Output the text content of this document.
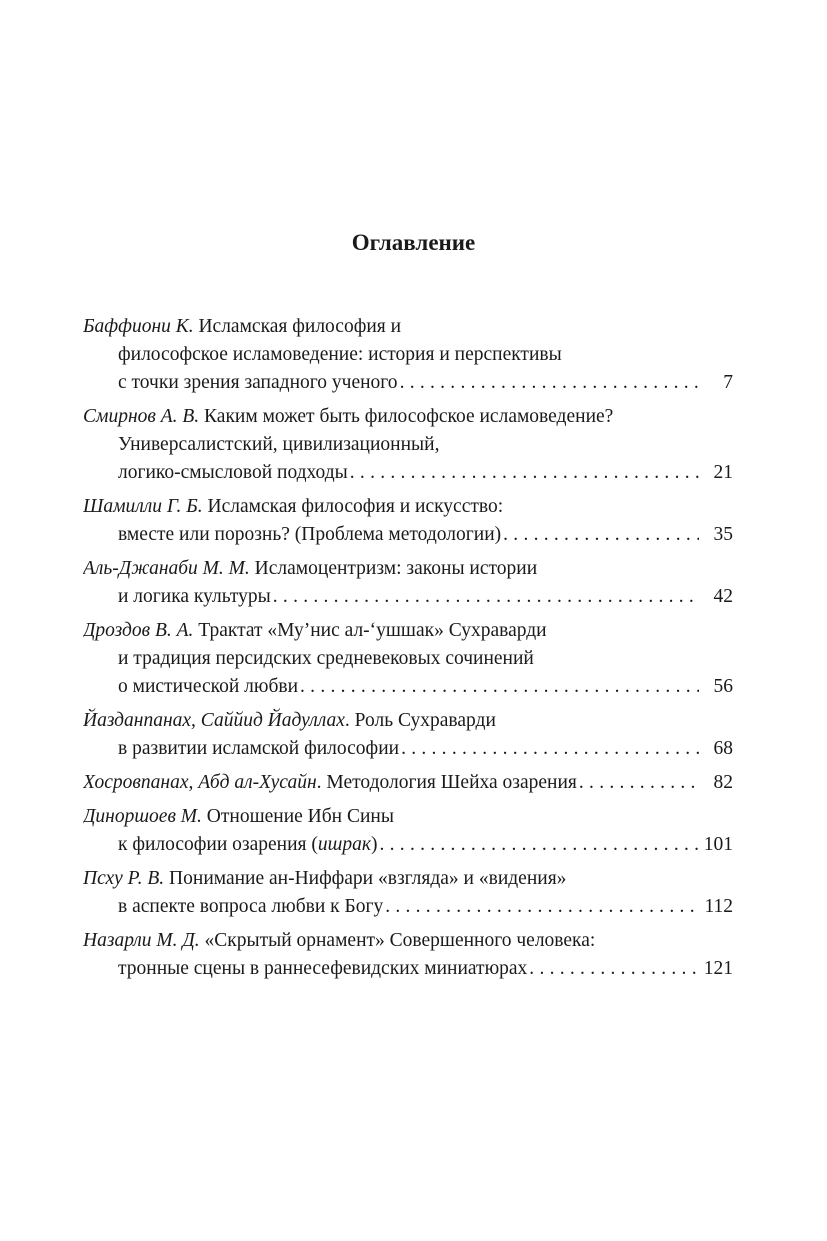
Оглавление
Баффиони К. Исламская философия и
философское исламоведение: история и перспективы
с точки зрения западного ученого . . .	7
Смирнов А. В. Каким может быть философское исламоведение?
Универсалистский, цивилизационный,
логико-смысловой подходы . . .	21
Шамилли Г. Б. Исламская философия и искусство:
вместе или порознь? (Проблема методологии) . . .	35
Аль-Джанаби М. М. Исламоцентризм: законы истории
и логика культуры . . .	42
Дроздов В. А. Трактат «Му’нис ал-‘ушшак» Сухраварди
и традиция персидских средневековых сочинений
о мистической любви . . .	56
Йазданпанах, Саййид Йадуллах. Роль Сухраварди
в развитии исламской философии . . .	68
Хосровпанах, Абд ал-Хусайн. Методология Шейха озарения . . .	82
Диноршоев М. Отношение Ибн Сины
к философии озарения (ишрак) . . .	101
Псху Р. В. Понимание ан-Ниффари «взгляда» и «видения»
в аспекте вопроса любви к Богу . . .	112
Назарли М. Д. «Скрытый орнамент» Совершенного человека:
тронные сцены в раннесефевидских миниатюрах . . .	121
